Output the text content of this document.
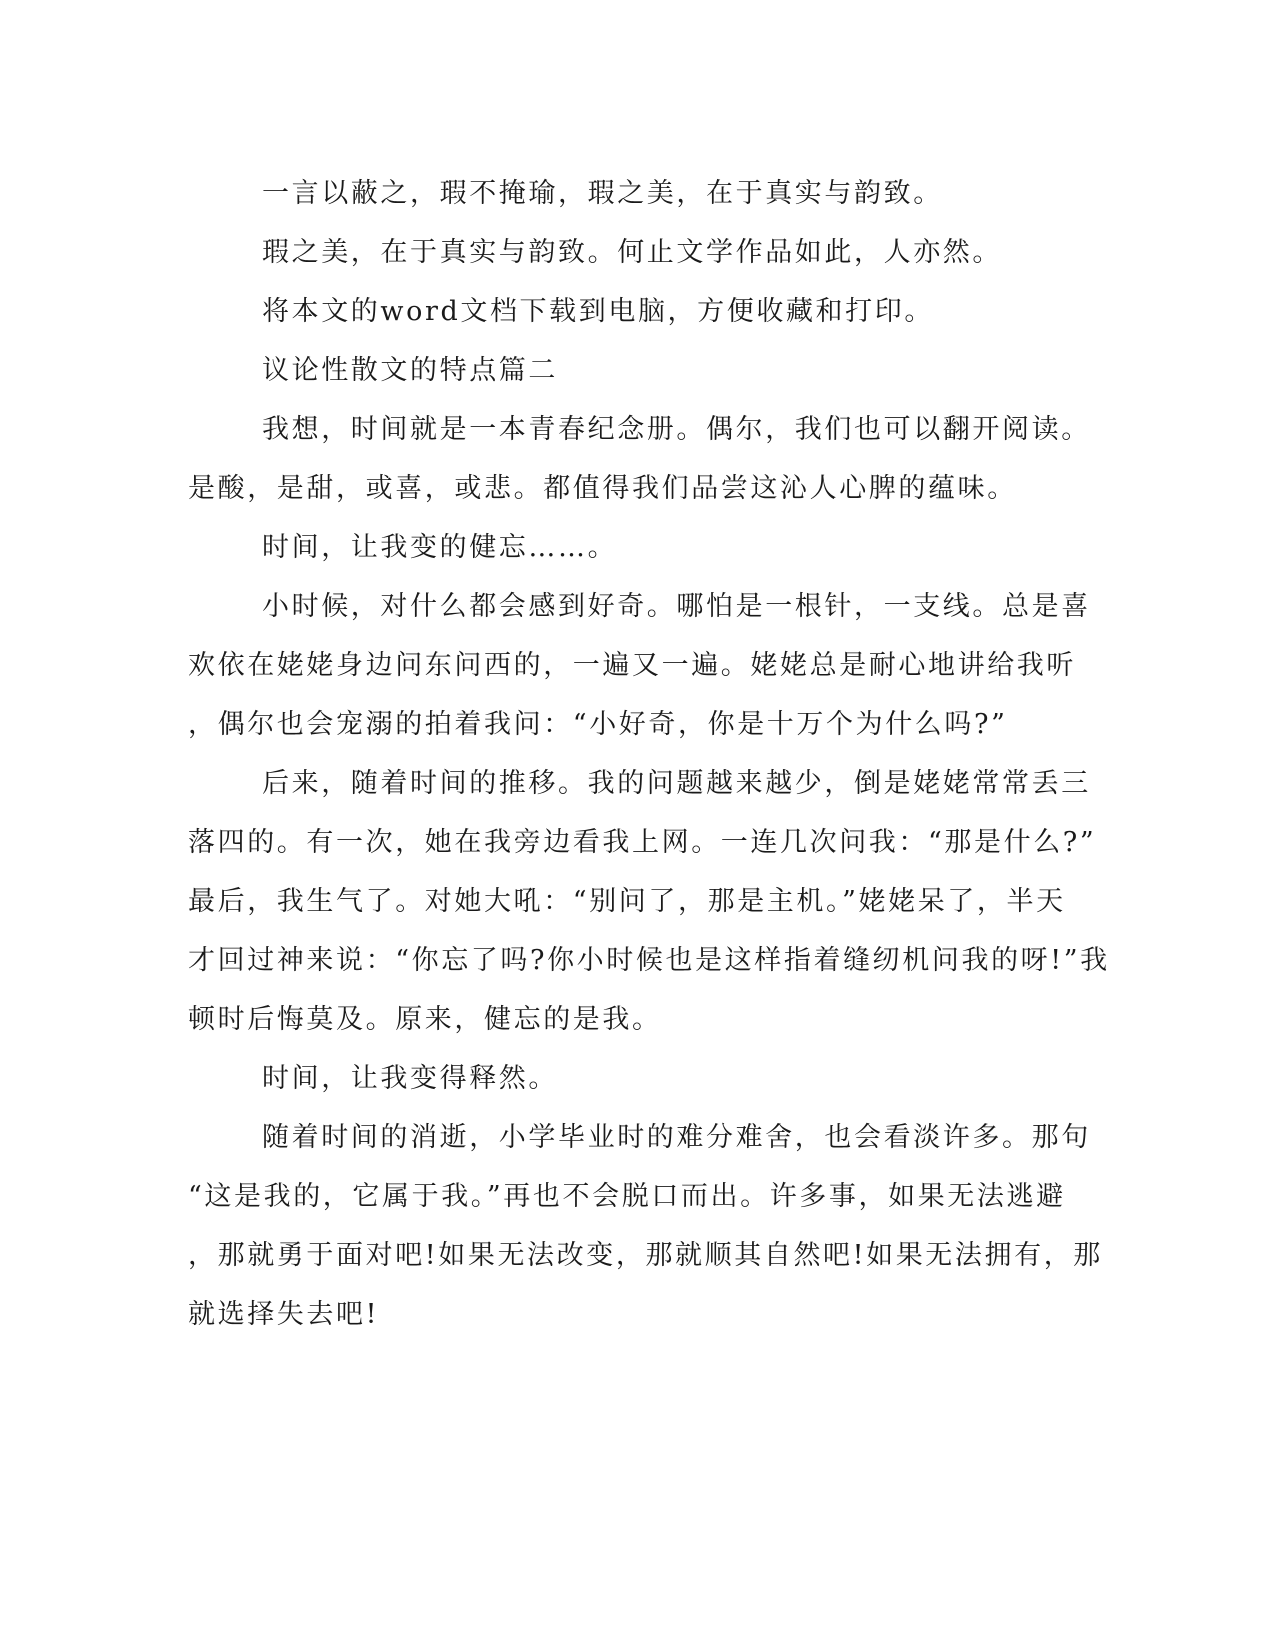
一言以蔽之，瑕不掩瑜，瑕之美，在于真实与韵致。
瑕之美，在于真实与韵致。何止文学作品如此，人亦然。
将本文的word文档下载到电脑，方便收藏和打印。
议论性散文的特点篇二
我想，时间就是一本青春纪念册。偶尔，我们也可以翻开阅读。
是酸，是甜，或喜，或悲。都值得我们品尝这沁人心脾的蕴味。
时间，让我变的健忘……。
小时候，对什么都会感到好奇。哪怕是一根针，一支线。总是喜
欢依在姥姥身边问东问西的，一遍又一遍。姥姥总是耐心地讲给我听
，偶尔也会宠溺的拍着我问：“小好奇，你是十万个为什么吗?”
后来，随着时间的推移。我的问题越来越少，倒是姥姥常常丢三
落四的。有一次，她在我旁边看我上网。一连几次问我：“那是什么?”
最后，我生气了。对她大吼：“别问了，那是主机。”姥姥呆了，半天
才回过神来说：“你忘了吗?你小时候也是这样指着缝纫机问我的呀!”我
顿时后悔莫及。原来，健忘的是我。
时间，让我变得释然。
随着时间的消逝，小学毕业时的难分难舍，也会看淡许多。那句
“这是我的，它属于我。”再也不会脱口而出。许多事，如果无法逃避
，那就勇于面对吧!如果无法改变，那就顺其自然吧!如果无法拥有，那
就选择失去吧!
